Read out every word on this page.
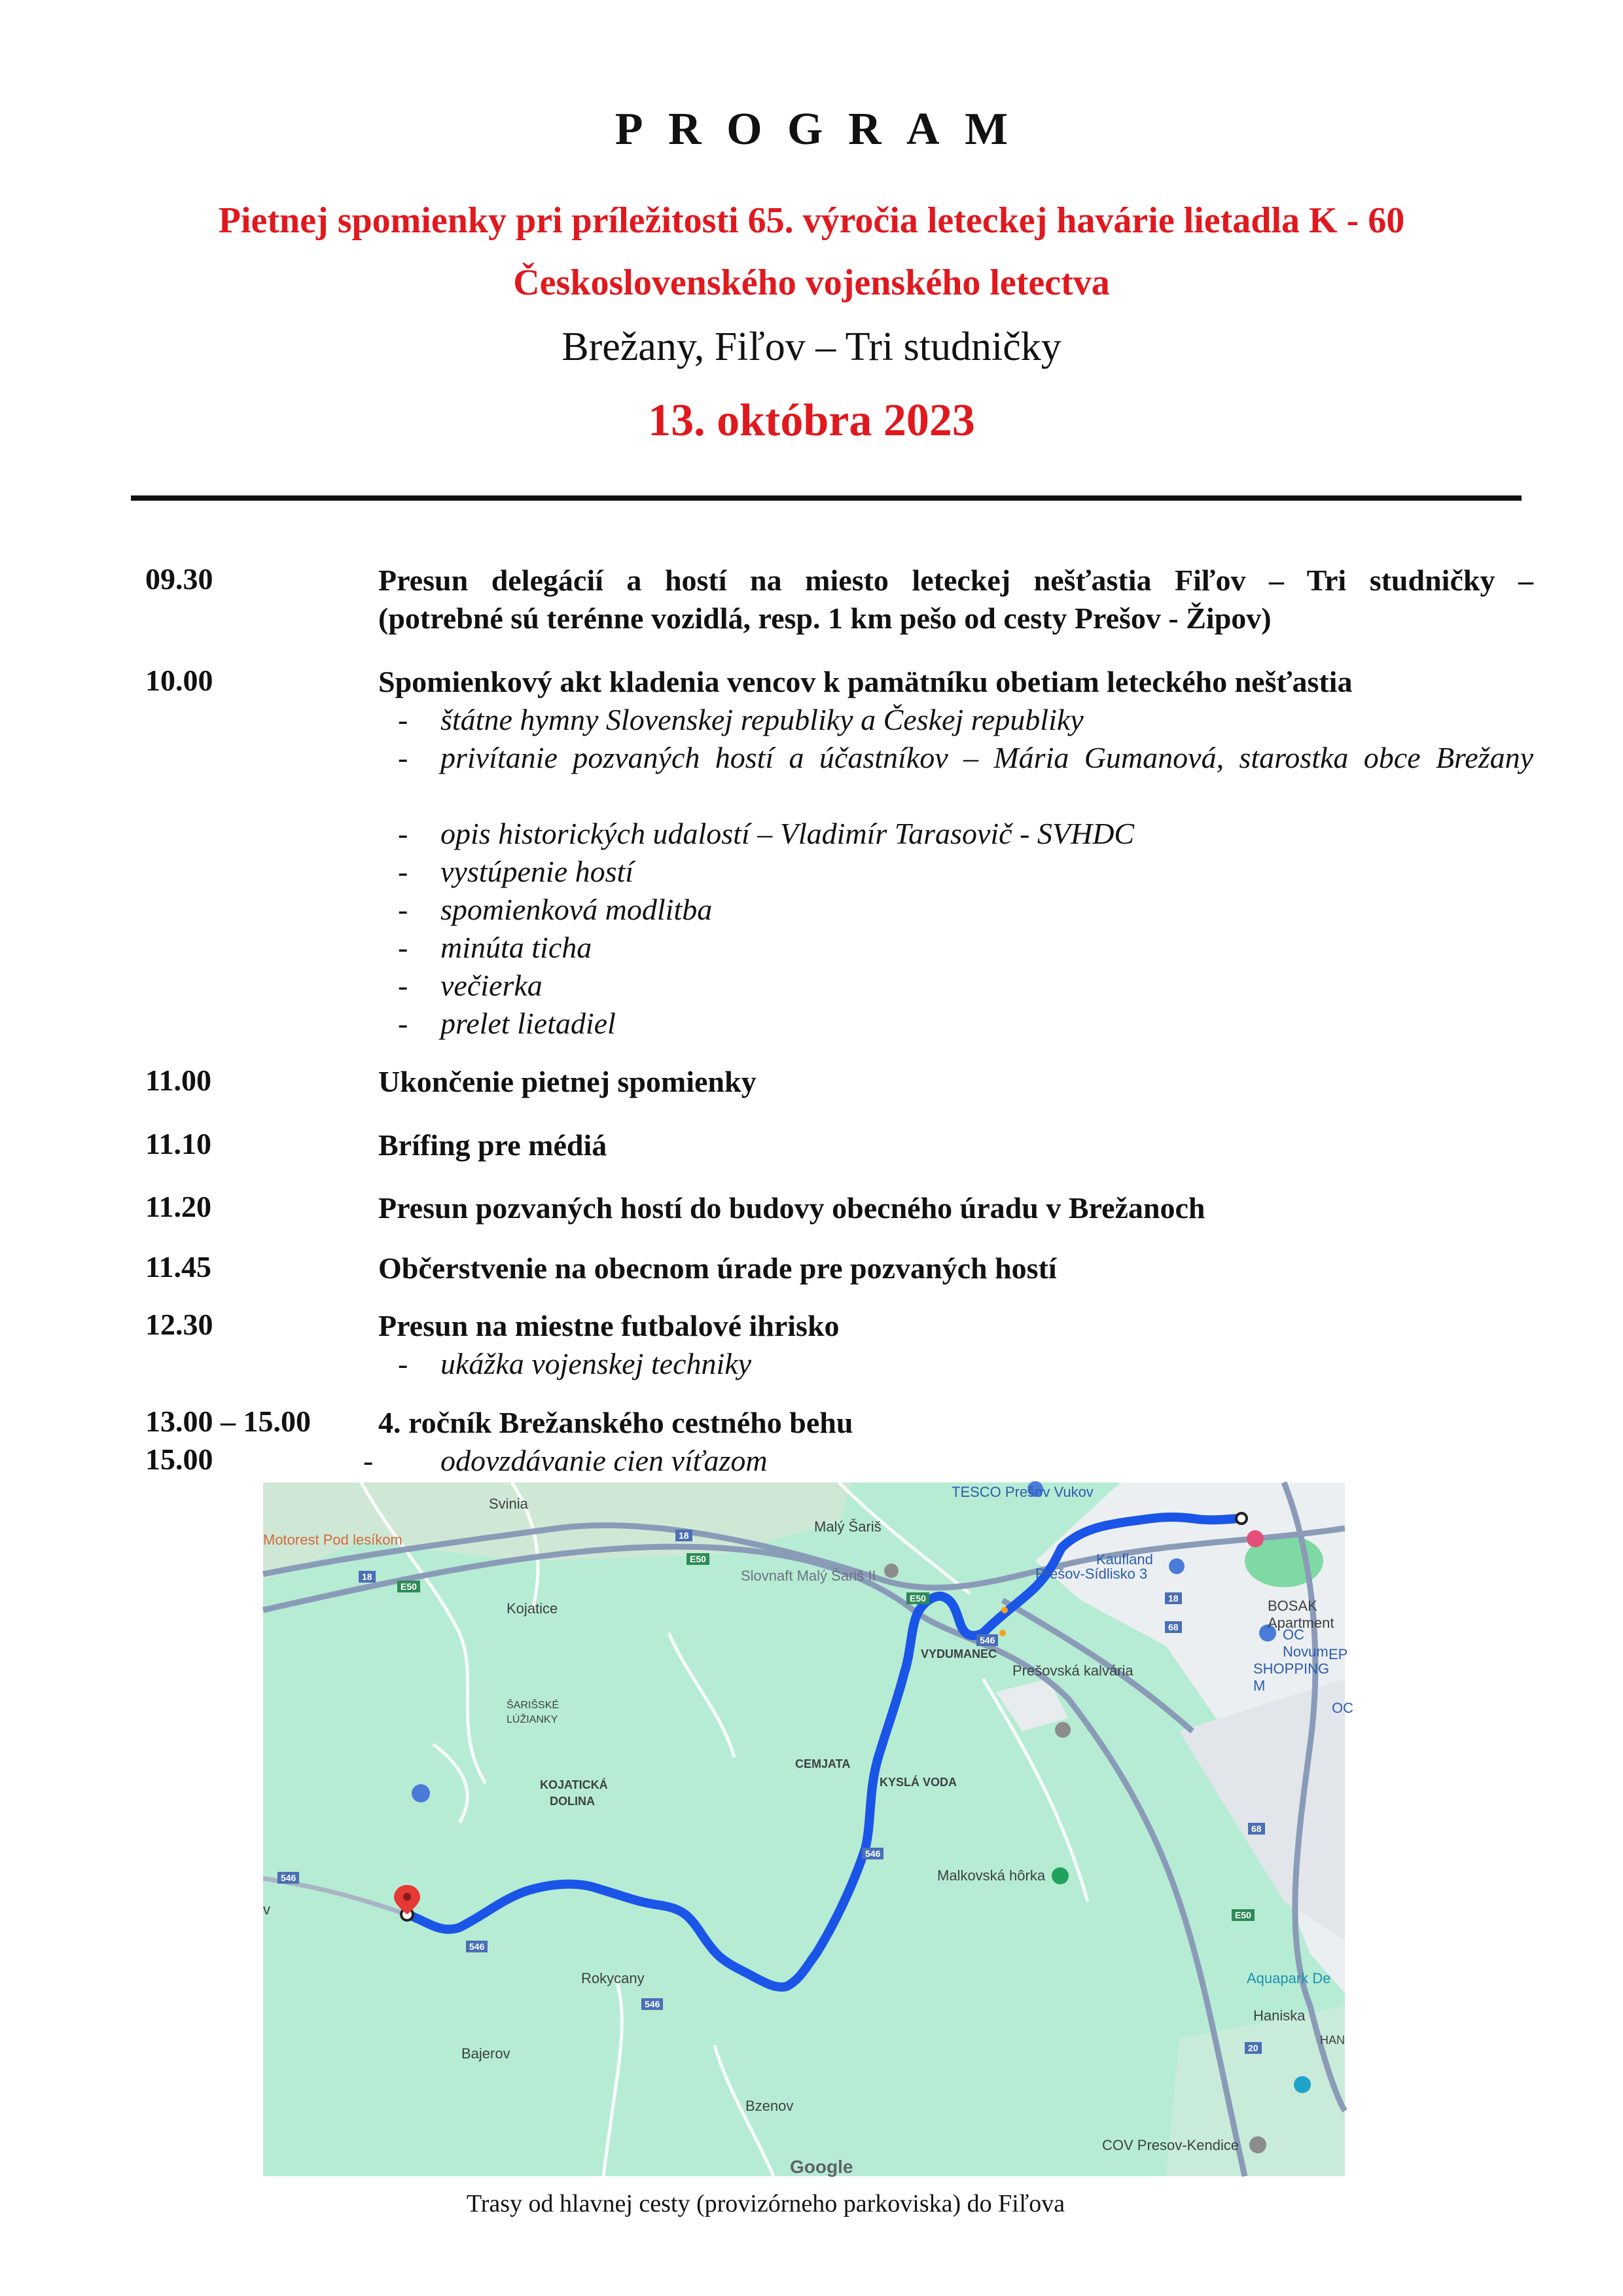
PROGRAM
Pietnej spomienky pri príležitosti 65. výročia leteckej havárie lietadla K - 60
Československého vojenského letectva
Brežany, Fiľov – Tri studničky
13. októbra 2023
09.30	Presun delegácií a hostí na miesto leteckej nešťastia Fiľov – Tri studničky –
(potrebné sú terénne vozidlá, resp. 1 km pešo od cesty Prešov - Žipov)
10.00	Spomienkový akt kladenia vencov k pamätníku obetiam leteckého nešťastia
- štátne hymny Slovenskej republiky a Českej republiky
- privítanie pozvaných hostí a účastníkov – Mária Gumanová, starostka obce Brežany
- opis historických udalostí – Vladimír Tarasovič - SVHDC
- vystúpenie hostí
- spomienková modlitba
- minúta ticha
- večierka
- prelet lietadiel
11.00	Ukončenie pietnej spomienky
11.10	Brífing pre médiá
11.20	Presun pozvaných hostí do budovy obecného úradu v Brežanoch
11.45	Občerstvenie na obecnom úrade pre pozvaných hostí
12.30	Presun na miestne futbalové ihrisko
- ukážka vojenskej techniky
13.00 – 15.00 4. ročník Brežanského cestného behu
15.00	- odovzdávanie cien víťazom
Svinia
Malý Šariš
TESCO Prešov Vukov
Motorest Pod lesíkom
Kojatice
Slovnaft Malý Šariš II
Kaufland
Prešov-Sídlisko 3
BOSAK Apartment
OC Novum EP
SHOPPING M
OC
VYDUMANEC
Prešovská kalvária
ŠARIŠSKÉ
LÚŽIANKY
CEMJATA
KOJATICKÁ
DOLINA
KYSLÁ VODA
Malkovská hôrka
Rokycany	Aquapark De
Haniska
HAN
Bajerov
Bzenov
COV Presov-Kendice
v
Google
18
18
18
E50
E50
E50
E50
546
546
546
546
546
68
68
20
Trasy od hlavnej cesty (provizórneho parkoviska) do Fiľova
